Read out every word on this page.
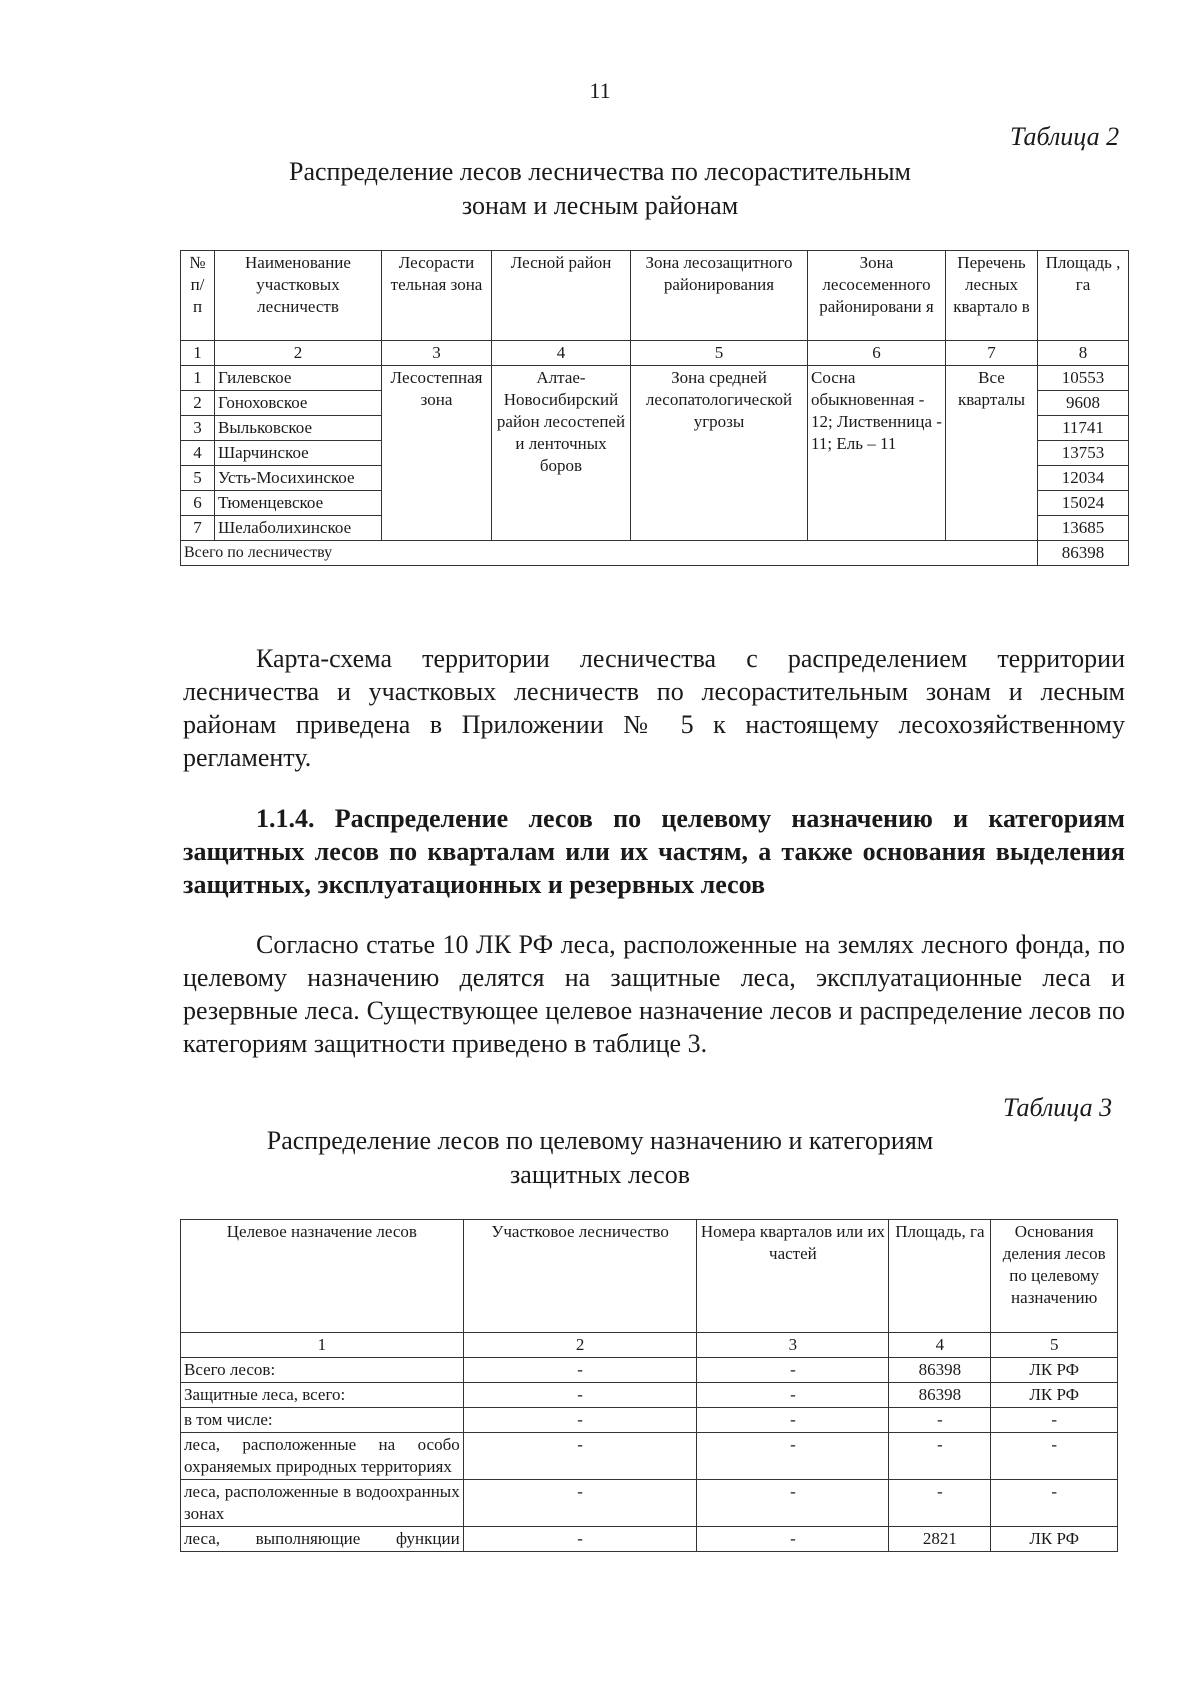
11
Таблица 2
Распределение лесов лесничества по лесорастительным
зонам и лесным районам
№ п/ п	Наименование участковых лесничеств	Лесорасти тельная зона	Лесной район	Зона лесозащитного районирования	Зона лесосеменного районировани я	Перечень лесных квартало в	Площадь , га
1	2	3	4	5	6	7	8
1	Гилевское	Лесостепная зона	Алтае-Новосибирский район лесостепей и ленточных боров	Зона средней лесопатологической угрозы	Сосна обыкновенная - 12; Лиственница - 11; Ель – 11	Все кварталы	10553
2	Гоноховское						9608
3	Выльковское						11741
4	Шарчинское						13753
5	Усть-Мосихинское						12034
6	Тюменцевское						15024
7	Шелаболихинское						13685
Всего по лесничеству							86398

Карта-схема территории лесничества с распределением территории лесничества и участковых лесничеств по лесорастительным зонам и лесным районам приведена в Приложении № 5 к настоящему лесохозяйственному регламенту.

1.1.4. Распределение лесов по целевому назначению и категориям защитных лесов по кварталам или их частям, а также основания выделения защитных, эксплуатационных и резервных лесов

Согласно статье 10 ЛК РФ леса, расположенные на землях лесного фонда, по целевому назначению делятся на защитные леса, эксплуатационные леса и резервные леса. Существующее целевое назначение лесов и распределение лесов по категориям защитности приведено в таблице 3.

Таблица 3
Распределение лесов по целевому назначению и категориям
защитных лесов
Целевое назначение лесов	Участковое лесничество	Номера кварталов или их частей	Площадь, га	Основания деления лесов по целевому назначению
1	2	3	4	5
Всего лесов:	-	-	86398	ЛК РФ
Защитные леса, всего:	-	-	86398	ЛК РФ
в том числе:	-	-	-	-
леса, расположенные на особо охраняемых природных территориях	-	-	-	-
леса, расположенные в водоохранных зонах	-	-	-	-
леса, выполняющие функции	-	-	2821	ЛК РФ
